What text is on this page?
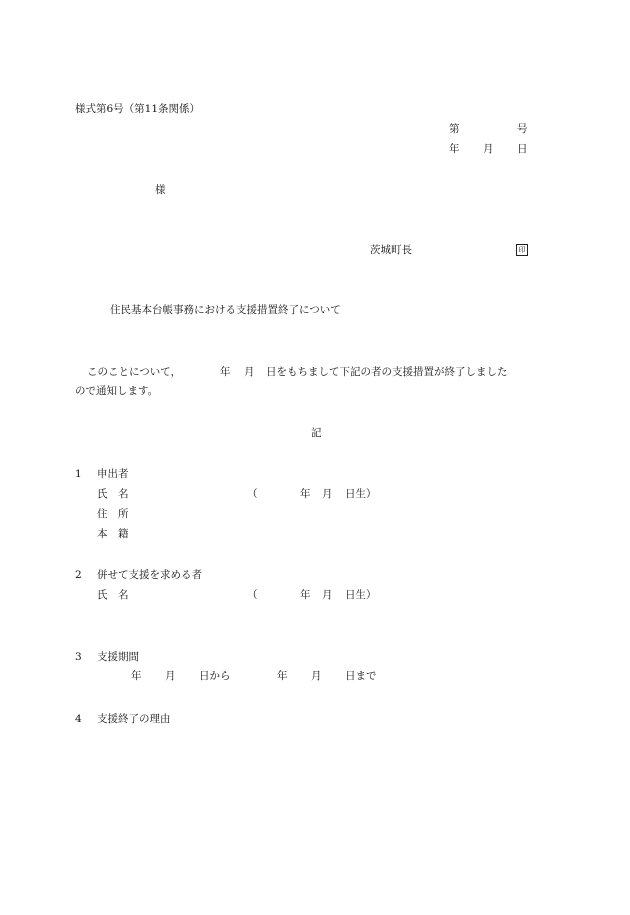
様式第6号（第11条関係）
第	号
年 月 日
様
茨城町長	印
住民基本台帳事務における支援措置終了について
このことについて，	年 月 日をもちまして下記の者の支援措置が終了しました
ので通知します。
記
1 申出者
氏　名	（	年 月 日生）
住　所
本　籍
2 併せて支援を求める者
氏　名	（	年 月 日生）
3 支援期間
年 月 日から	年 月 日まで
4 支援終了の理由
